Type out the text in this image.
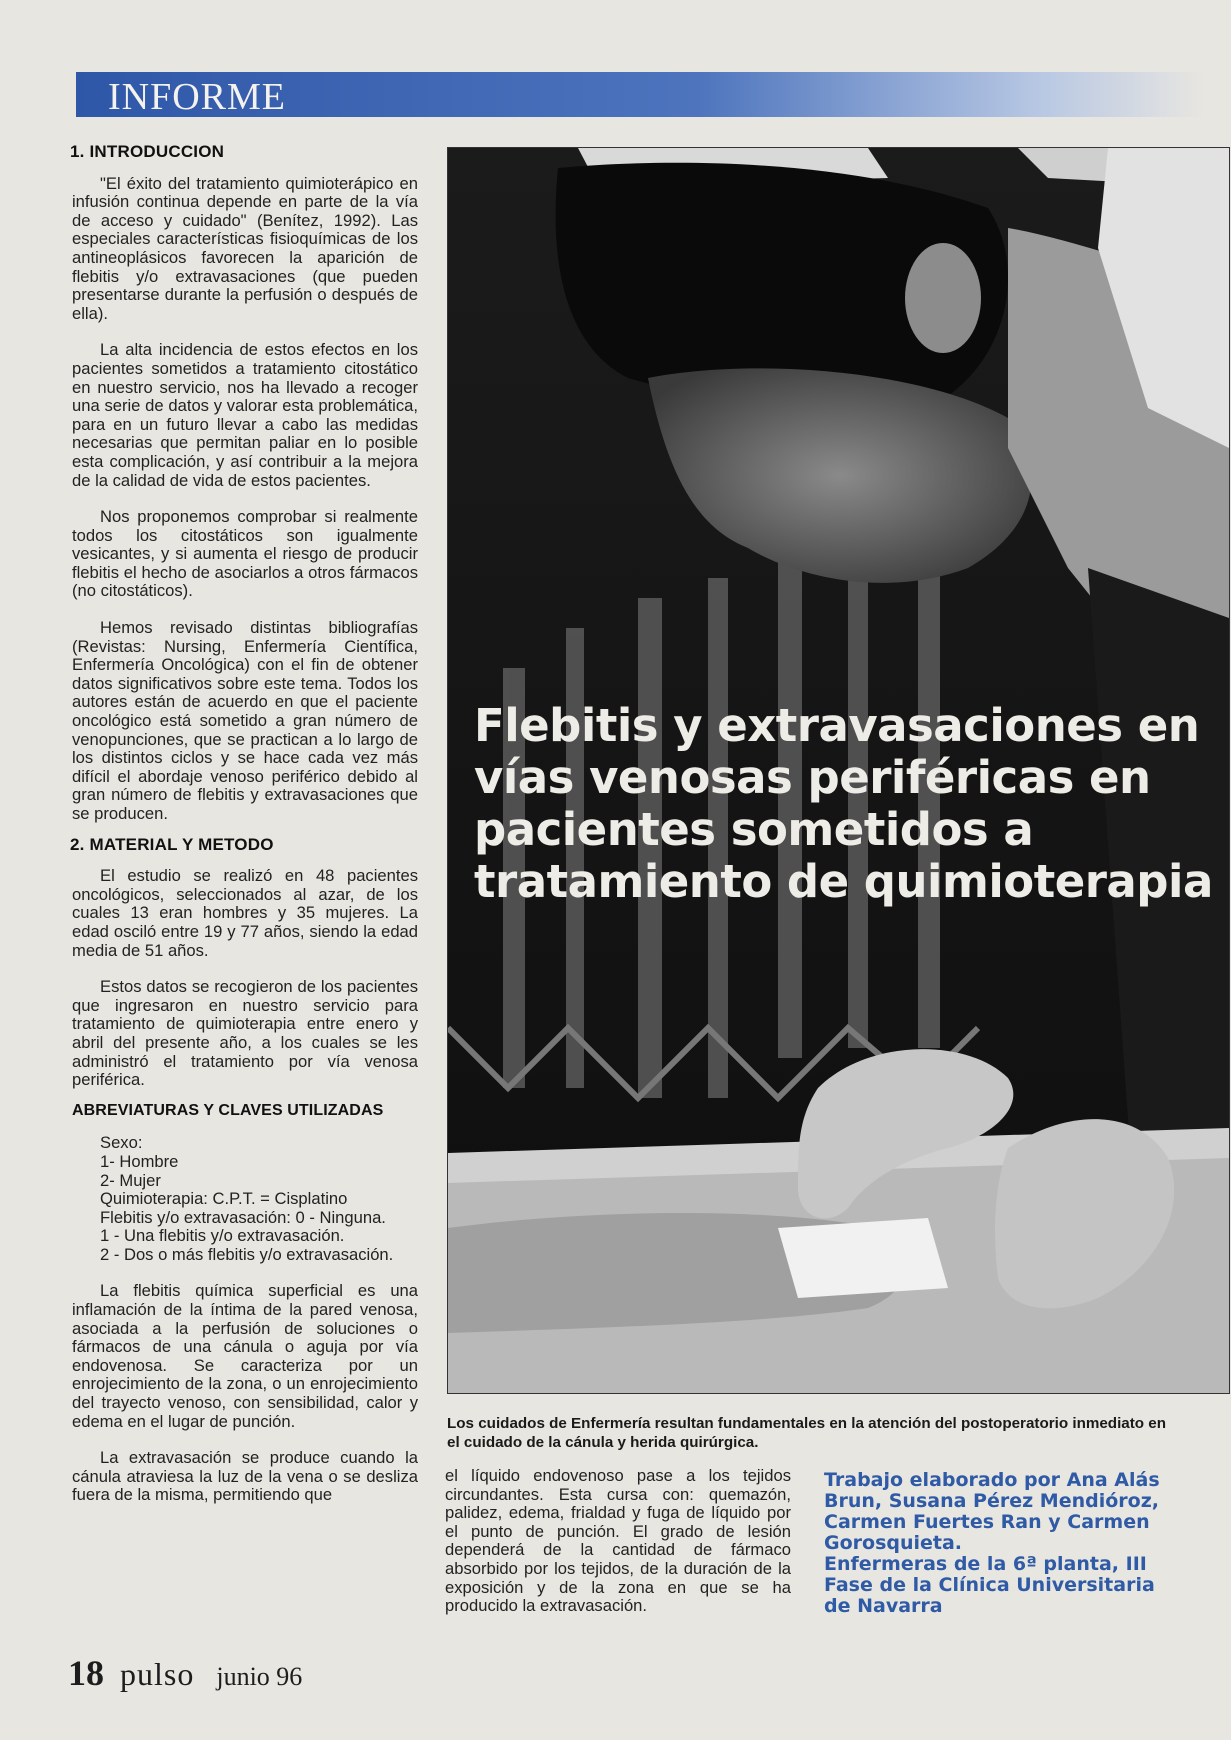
INFORME
1. INTRODUCCION

"El éxito del tratamiento quimioterápico en infusión continua depende en parte de la vía de acceso y cuidado" (Benítez, 1992). Las especiales características fisioquímicas de los antineoplásicos favorecen la aparición de flebitis y/o extravasaciones (que pueden presentarse durante la perfusión o después de ella).

La alta incidencia de estos efectos en los pacientes sometidos a tratamiento citostático en nuestro servicio, nos ha llevado a recoger una serie de datos y valorar esta problemática, para en un futuro llevar a cabo las medidas necesarias que permitan paliar en lo posible esta complicación, y así contribuir a la mejora de la calidad de vida de estos pacientes.

Nos proponemos comprobar si realmente todos los citostáticos son igualmente vesicantes, y si aumenta el riesgo de producir flebitis el hecho de asociarlos a otros fármacos (no citostáticos).

Hemos revisado distintas bibliografías (Revistas: Nursing, Enfermería Científica, Enfermería Oncológica) con el fin de obtener datos significativos sobre este tema. Todos los autores están de acuerdo en que el paciente oncológico está sometido a gran número de venopunciones, que se practican a lo largo de los distintos ciclos y se hace cada vez más difícil el abordaje venoso periférico debido al gran número de flebitis y extravasaciones que se producen.

2. MATERIAL Y METODO

El estudio se realizó en 48 pacientes oncológicos, seleccionados al azar, de los cuales 13 eran hombres y 35 mujeres. La edad osciló entre 19 y 77 años, siendo la edad media de 51 años.

Estos datos se recogieron de los pacientes que ingresaron en nuestro servicio para tratamiento de quimioterapia entre enero y abril del presente año, a los cuales se les administró el tratamiento por vía venosa periférica.

ABREVIATURAS Y CLAVES UTILIZADAS
Sexo:
1- Hombre
2- Mujer
Quimioterapia: C.P.T. = Cisplatino
Flebitis y/o extravasación: 0 - Ninguna.
1 - Una flebitis y/o extravasación.
2 - Dos o más flebitis y/o extravasación.

La flebitis química superficial es una inflamación de la íntima de la pared venosa, asociada a la perfusión de soluciones o fármacos de una cánula o aguja por vía endovenosa. Se caracteriza por un enrojecimiento de la zona, o un enrojecimiento del trayecto venoso, con sensibilidad, calor y edema en el lugar de punción.

La extravasación se produce cuando la cánula atraviesa la luz de la vena o se desliza fuera de la misma, permitiendo que

Flebitis y extravasaciones en vías venosas periféricas en pacientes sometidos a tratamiento de quimioterapia
Los cuidados de Enfermería resultan fundamentales en la atención del postoperatorio inmediato en el cuidado de la cánula y herida quirúrgica.

el líquido endovenoso pase a los tejidos circundantes. Esta cursa con: quemazón, palidez, edema, frialdad y fuga de líquido por el punto de punción. El grado de lesión dependerá de la cantidad de fármaco absorbido por los tejidos, de la duración de la exposición y de la zona en que se ha producido la extravasación.

Trabajo elaborado por Ana Alás Brun, Susana Pérez Mendióroz, Carmen Fuertes Ran y Carmen Gorosquieta.

Enfermeras de la 6ª planta, III Fase de la Clínica Universitaria de Navarra

18 pulso junio 96
